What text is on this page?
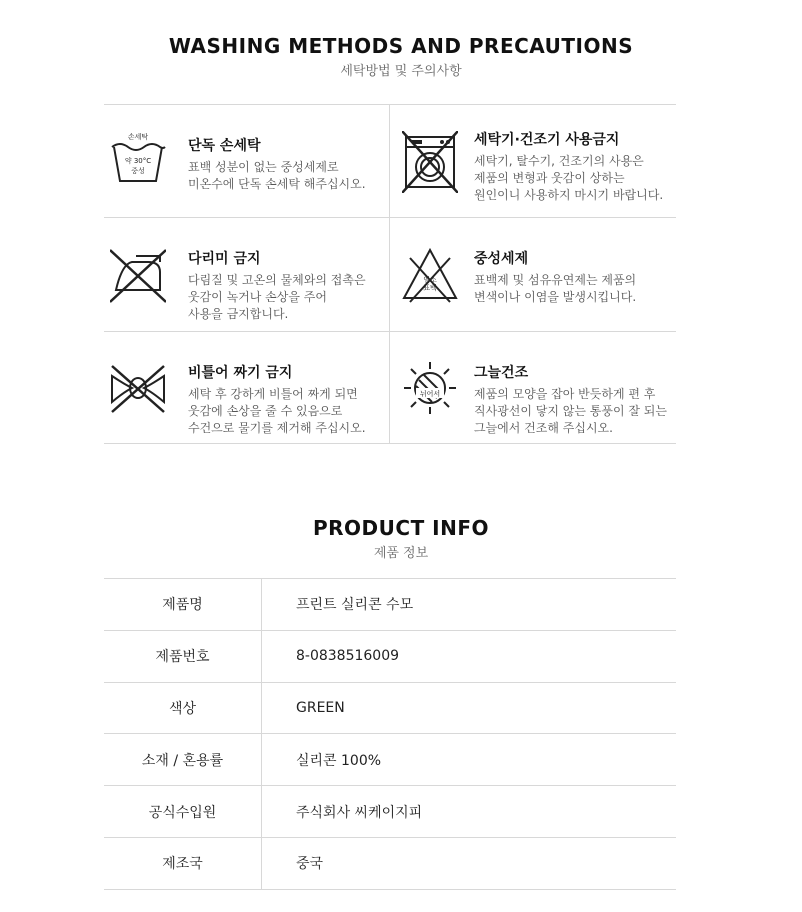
WASHING METHODS AND PRECAUTIONS
세탁방법 및 주의사항
손세탁
약 30°C
중성
단독 손세탁
표백 성분이 없는 중성세제로
미온수에 단독 손세탁 해주십시오.
세탁기·건조기 사용금지
세탁기, 탈수기, 건조기의 사용은
제품의 변형과 웃감이 상하는
원인이니 사용하지 마시기 바랍니다.
다리미 금지
다림질 및 고온의 물체와의 접촉은
웃감이 녹거나 손상을 주어
사용을 금지합니다.
염소
표백
중성세제
표백제 및 섬유유연제는 제품의
변색이나 이염을 발생시킵니다.
비틀어 짜기 금지
세탁 후 강하게 비틀어 짜게 되면
웃감에 손상을 줄 수 있음으로
수건으로 물기를 제거해 주십시오.
뉘어서
그늘건조
제품의 모양을 잡아 반듯하게 편 후
직사광선이 닿지 않는 통풍이 잘 되는
그늘에서 건조해 주십시오.
PRODUCT INFO
제품 정보
제품명	프린트 실리콘 수모
제품번호	8-0838516009
색상	GREEN
소재 / 혼용률	실리콘 100%
공식수입원	주식회사 씨케이지피
제조국	중국
